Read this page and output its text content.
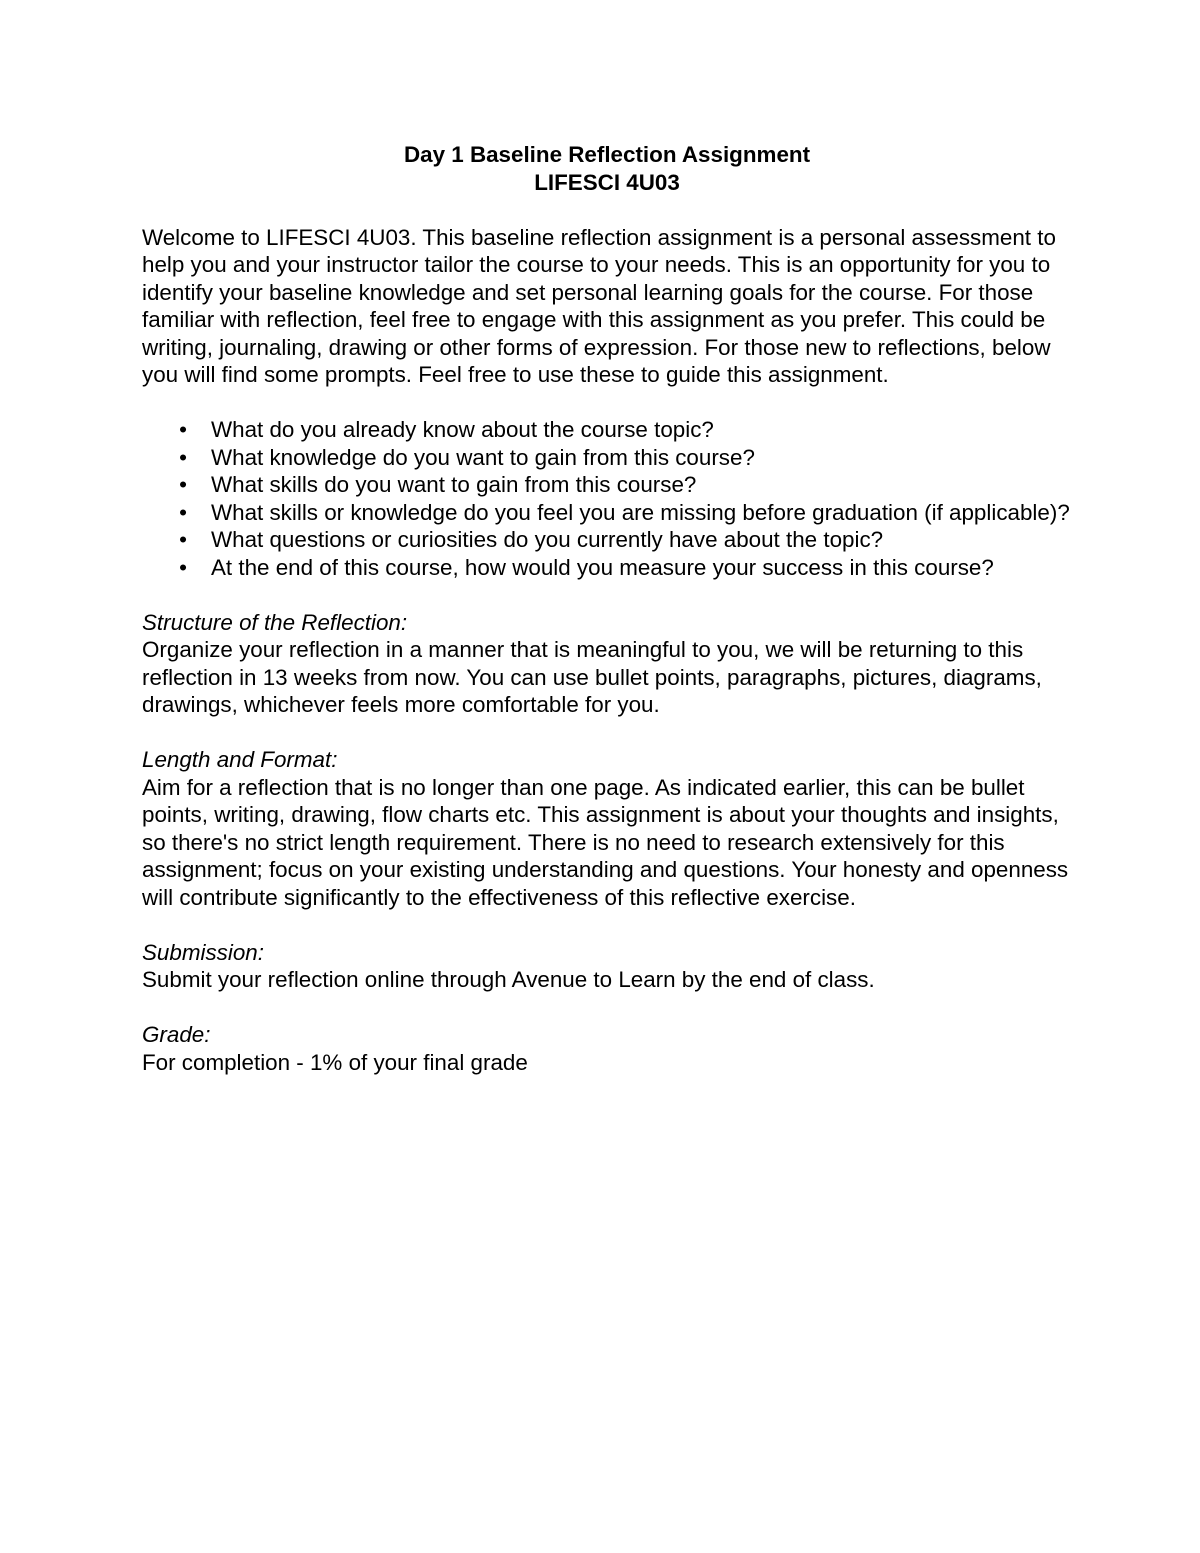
Day 1 Baseline Reflection Assignment
LIFESCI 4U03

Welcome to LIFESCI 4U03. This baseline reflection assignment is a personal assessment to help you and your instructor tailor the course to your needs. This is an opportunity for you to identify your baseline knowledge and set personal learning goals for the course. For those familiar with reflection, feel free to engage with this assignment as you prefer. This could be writing, journaling, drawing or other forms of expression. For those new to reflections, below you will find some prompts. Feel free to use these to guide this assignment.

• What do you already know about the course topic?
• What knowledge do you want to gain from this course?
• What skills do you want to gain from this course?
• What skills or knowledge do you feel you are missing before graduation (if applicable)?
• What questions or curiosities do you currently have about the topic?
• At the end of this course, how would you measure your success in this course?
Structure of the Reflection:
Organize your reflection in a manner that is meaningful to you, we will be returning to this reflection in 13 weeks from now. You can use bullet points, paragraphs, pictures, diagrams, drawings, whichever feels more comfortable for you.
Length and Format:
Aim for a reflection that is no longer than one page. As indicated earlier, this can be bullet points, writing, drawing, flow charts etc. This assignment is about your thoughts and insights, so there's no strict length requirement. There is no need to research extensively for this assignment; focus on your existing understanding and questions. Your honesty and openness will contribute significantly to the effectiveness of this reflective exercise.
Submission:
Submit your reflection online through Avenue to Learn by the end of class.
Grade:
For completion - 1% of your final grade
